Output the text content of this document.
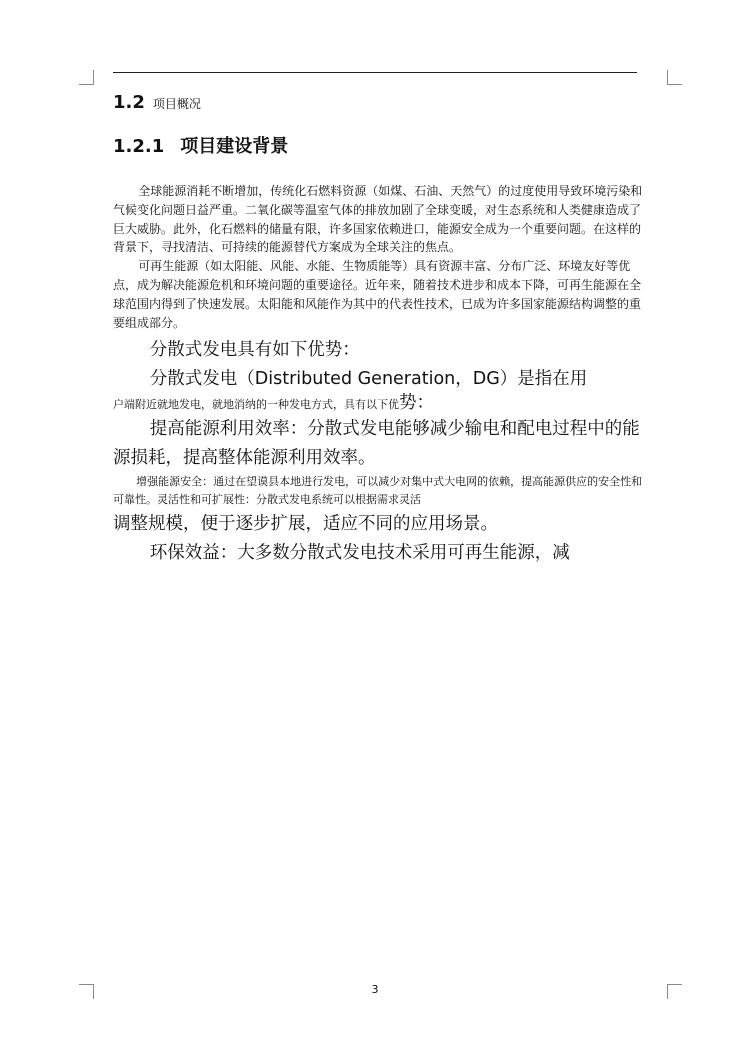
1.2 项目概况
1.2.1 项目建设背景

全球能源消耗不断增加，传统化石燃料资源（如煤、石油、天然气）的过度使用导致环境污染和气候变化问题日益严重。二氧化碳等温室气体的排放加剧了全球变暖，对生态系统和人类健康造成了巨大威胁。此外，化石燃料的储量有限，许多国家依赖进口，能源安全成为一个重要问题。在这样的背景下，寻找清洁、可持续的能源替代方案成为全球关注的焦点。

可再生能源（如太阳能、风能、水能、生物质能等）具有资源丰富、分布广泛、环境友好等优点，成为解决能源危机和环境问题的重要途径。近年来，随着技术进步和成本下降，可再生能源在全球范围内得到了快速发展。太阳能和风能作为其中的代表性技术，已成为许多国家能源结构调整的重要组成部分。

分散式发电具有如下优势：

分散式发电（Distributed Generation，DG）是指在用

户端附近就地发电，就地消纳的一种发电方式，具有以下优势：

提高能源利用效率：分散式发电能够减少输电和配电过程中的能源损耗，提高整体能源利用效率。

增强能源安全：通过在望谟县本地进行发电，可以减少对集中式大电网的依赖，提高能源供应的安全性和可靠性。灵活性和可扩展性：分散式发电系统可以根据需求灵活

调整规模，便于逐步扩展，适应不同的应用场景。

环保效益：大多数分散式发电技术采用可再生能源，减

3
